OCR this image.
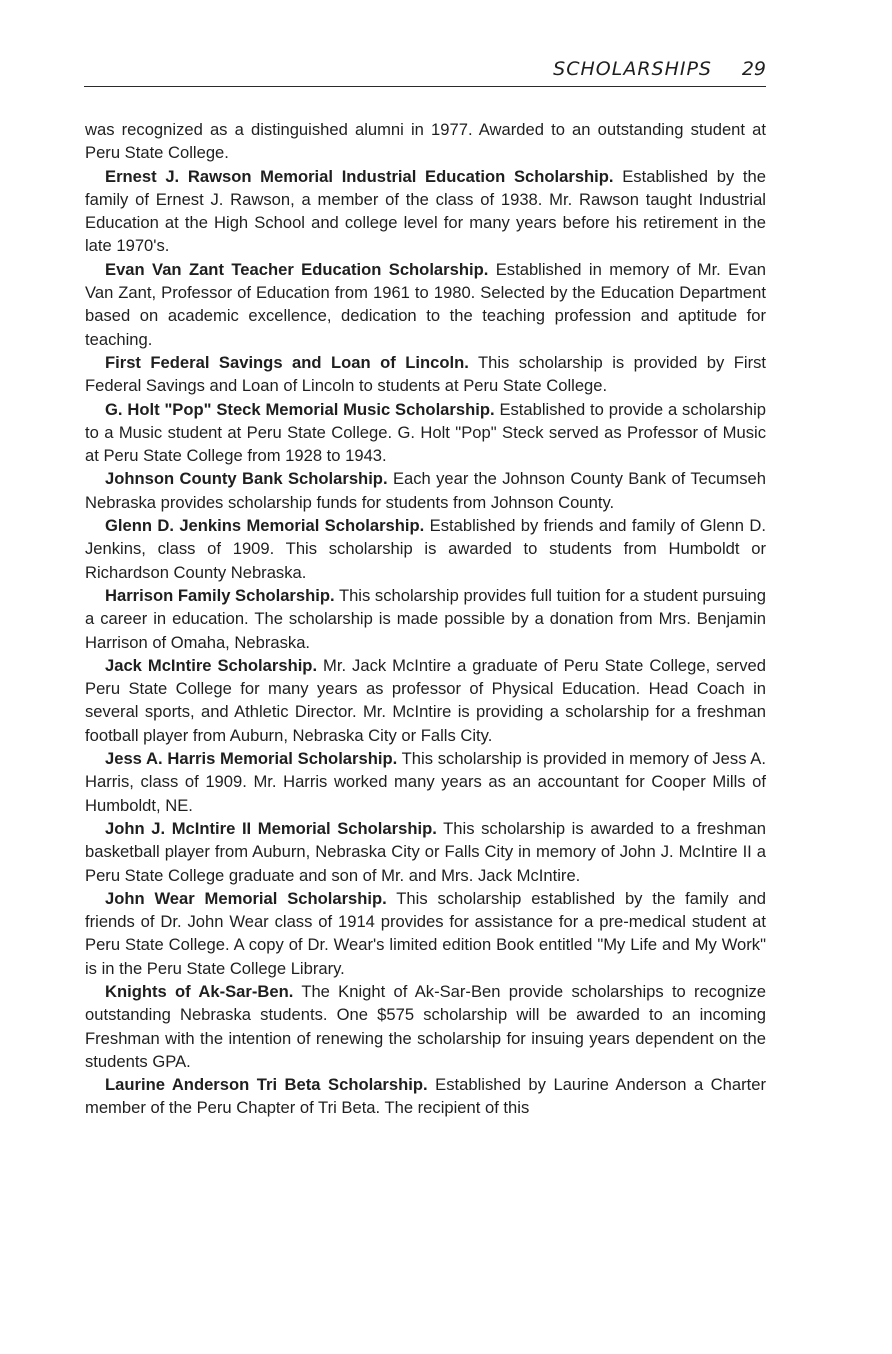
SCHOLARSHIPS 29

was recognized as a distinguished alumni in 1977. Awarded to an outstanding student at Peru State College.

Ernest J. Rawson Memorial Industrial Education Scholarship. Established by the family of Ernest J. Rawson, a member of the class of 1938. Mr. Rawson taught Industrial Education at the High School and college level for many years before his retirement in the late 1970's.

Evan Van Zant Teacher Education Scholarship. Established in memory of Mr. Evan Van Zant, Professor of Education from 1961 to 1980. Selected by the Education Department based on academic excellence, dedication to the teaching profession and aptitude for teaching.

First Federal Savings and Loan of Lincoln. This scholarship is provided by First Federal Savings and Loan of Lincoln to students at Peru State College.

G. Holt "Pop" Steck Memorial Music Scholarship. Established to provide a scholarship to a Music student at Peru State College. G. Holt "Pop" Steck served as Professor of Music at Peru State College from 1928 to 1943.

Johnson County Bank Scholarship. Each year the Johnson County Bank of Tecumseh Nebraska provides scholarship funds for students from Johnson County.

Glenn D. Jenkins Memorial Scholarship. Established by friends and family of Glenn D. Jenkins, class of 1909. This scholarship is awarded to students from Humboldt or Richardson County Nebraska.

Harrison Family Scholarship. This scholarship provides full tuition for a student pursuing a career in education. The scholarship is made possible by a donation from Mrs. Benjamin Harrison of Omaha, Nebraska.

Jack McIntire Scholarship. Mr. Jack McIntire a graduate of Peru State College, served Peru State College for many years as professor of Physical Education. Head Coach in several sports, and Athletic Director. Mr. McIntire is providing a scholarship for a freshman football player from Auburn, Nebraska City or Falls City.

Jess A. Harris Memorial Scholarship. This scholarship is provided in memory of Jess A. Harris, class of 1909. Mr. Harris worked many years as an accountant for Cooper Mills of Humboldt, NE.

John J. McIntire II Memorial Scholarship. This scholarship is awarded to a freshman basketball player from Auburn, Nebraska City or Falls City in memory of John J. McIntire II a Peru State College graduate and son of Mr. and Mrs. Jack McIntire.

John Wear Memorial Scholarship. This scholarship established by the family and friends of Dr. John Wear class of 1914 provides for assistance for a pre-medical student at Peru State College. A copy of Dr. Wear's limited edition Book entitled "My Life and My Work" is in the Peru State College Library.

Knights of Ak-Sar-Ben. The Knight of Ak-Sar-Ben provide scholarships to recognize outstanding Nebraska students. One $575 scholarship will be awarded to an incoming Freshman with the intention of renewing the scholarship for insuing years dependent on the students GPA.

Laurine Anderson Tri Beta Scholarship. Established by Laurine Anderson a Charter member of the Peru Chapter of Tri Beta. The recipient of this
